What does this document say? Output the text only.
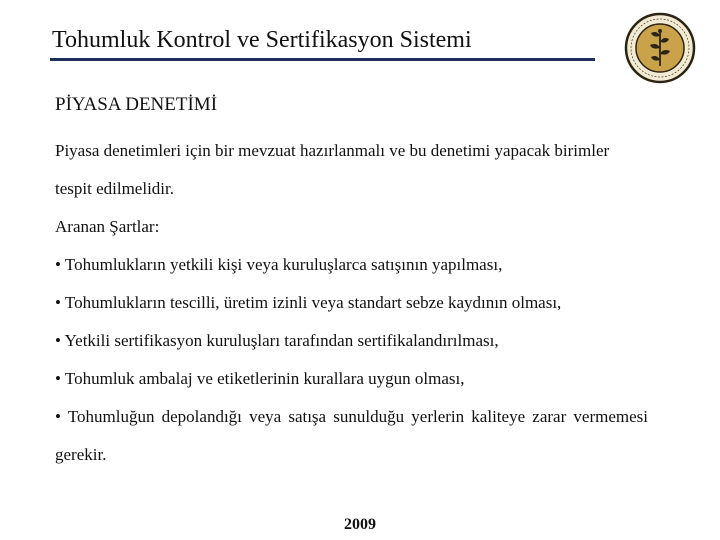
Tohumluk Kontrol ve Sertifikasyon Sistemi
PİYASA DENETİMİ

Piyasa denetimleri için bir mevzuat hazırlanmalı ve bu denetimi yapacak birimler tespit edilmelidir.

Aranan Şartlar:

• Tohumlukların yetkili kişi veya kuruluşlarca satışının yapılması,

• Tohumlukların tescilli, üretim izinli veya standart sebze kaydının olması,

• Yetkili sertifikasyon kuruluşları tarafından sertifikalandırılması,

• Tohumluk ambalaj ve etiketlerinin kurallara uygun olması,

• Tohumluğun depolandığı veya satışa sunulduğu yerlerin kaliteye zarar vermemesi gerekir.

2009
